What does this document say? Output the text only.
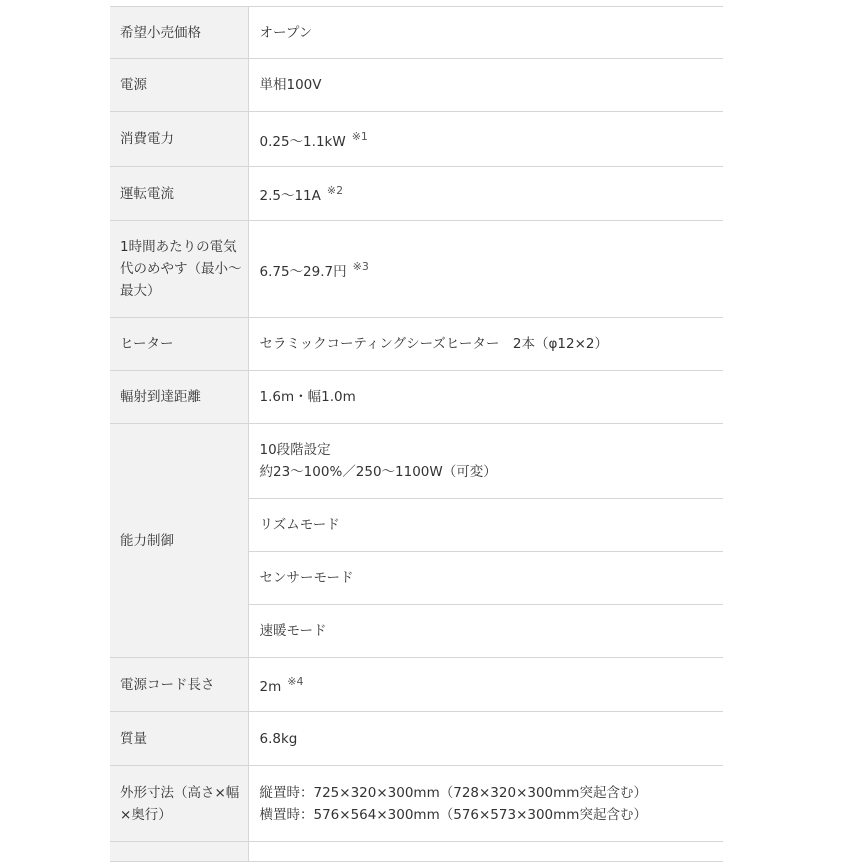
希望小売価格	オープン
電源	単相100V
消費電力	0.25～1.1kW $^{※1}$
運転電流	2.5～11A $^{※2}$
1時間あたりの電気代のめやす（最小～最大）	6.75～29.7円 $^{※3}$
ヒーター	セラミックコーティングシーズヒーター　2本（φ12×2）
輻射到達距離	1.6m・幅1.0m
能力制御	10段階設定
約23～100%／250～1100W（可変）

	リズムモード
	センサーモード
	速暖モード
電源コード長さ	2m $^{※4}$
質量	6.8kg
外形寸法（高さ×幅×奥行）	縦置時：725×320×300mm（728×320×300mm突起含む）
横置時：576×564×300mm（576×573×300mm突起含む）
